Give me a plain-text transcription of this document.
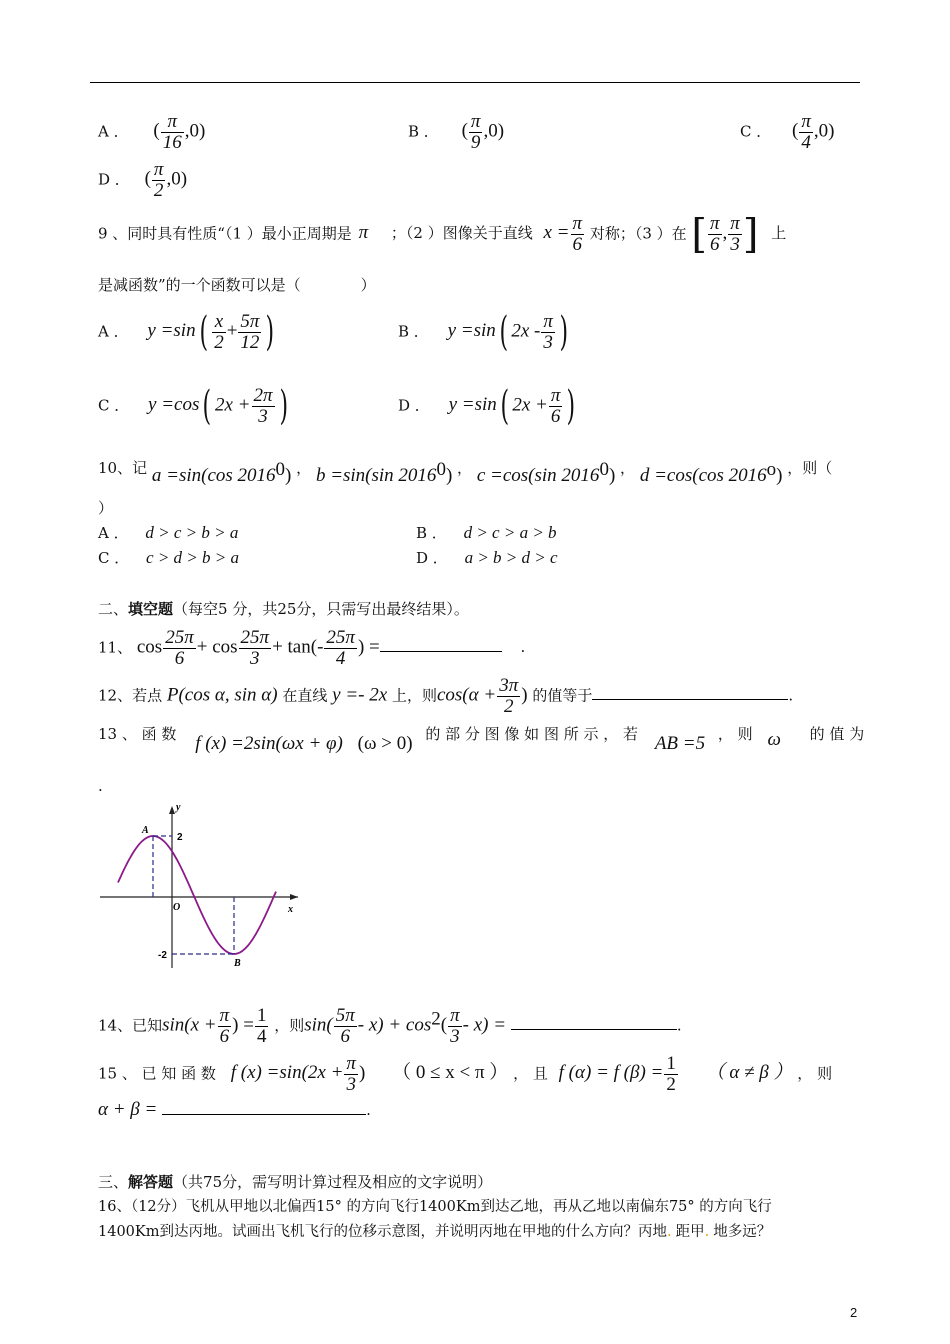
A ． ( $\frac{\pi}{16} ,0$)	B ． ( $\frac{\pi}{9} ,0$)	C ． ( $\frac{\pi}{4} ,0$)
D ． ( $\frac{\pi}{2} ,0$)
9 、同时具有性质“（1 ）最小正周期是 π ；（2 ）图像关于直线 $x = \frac{\pi}{6}$ 对称；（3 ）在 [ $\frac{\pi}{6}$ , $\frac{\pi}{3}$ ] 上
是减函数”的一个函数可以是（　　　　）
A ． $y =\sin( \frac{x}{2} + \frac{5\pi}{12}$ )	B ． y =sin( $2x - \frac{\pi}{3}$ )
C ． y =cos( $2x + \frac{2\pi}{3}$ )	D ． y =sin( $2x + \frac{\pi}{6}$ )
10、记 a =sin(cos 2016$^0$) ， b =sin(sin 2016$^0$) ， c =cos(sin 2016$^0$) ， d =cos(cos 2016$^o$) ，则（
）
A ． d > c > b > a	B ． d > c > a > b
C ． c > d > b > a	D ． a > b > d > c
二、填空题（每空5 分，共25分，只需写出最终结果）。
11、 $\cos \frac{25\pi}{6} + \cos \frac{25\pi}{3} + \tan(- \frac{25\pi}{4}$ ) =	.
12、若点 P(cos α, sin α) 在直线 y =- 2x 上，则$\cos(\alpha + \frac{3\pi}{2}$ ) 的值等于	.
13 、 函 数 f (x) =2sin(ωx + φ) (ω > 0) 的 部 分 图 像 如 图 所 示 ， 若 AB =5 ， 则 ω 的 值 为
.
A
B
O	x
y
2
-2
14、已知$\sin(x + \frac{\pi}{6}$ ) = $\frac{1}{4}$ ，则$\sin( \frac{5\pi}{6} - x) + \cos^2( \frac{\pi}{3} - x)$ =	.
15 、 已 知 函 数 f $(x) =\sin(2x + \frac{\pi}{3}$ ) （ 0 ≤ x < π ） ， 且 f (α) = f $(\beta) = \frac{1}{2}$ （ α ≠ β ） ， 则
α + β =	.
三、解答题（共75分，需写明计算过程及相应的文字说明）
16、（12分）飞机从甲地以北偏西15° 的方向飞行1400Km到达乙地，再从乙地以南偏东75° 的方向飞行
1400Km到达丙地。试画出飞机飞行的位移示意图，并说明丙地在甲地的什么方向？丙地. 距甲. 地多远？
2
